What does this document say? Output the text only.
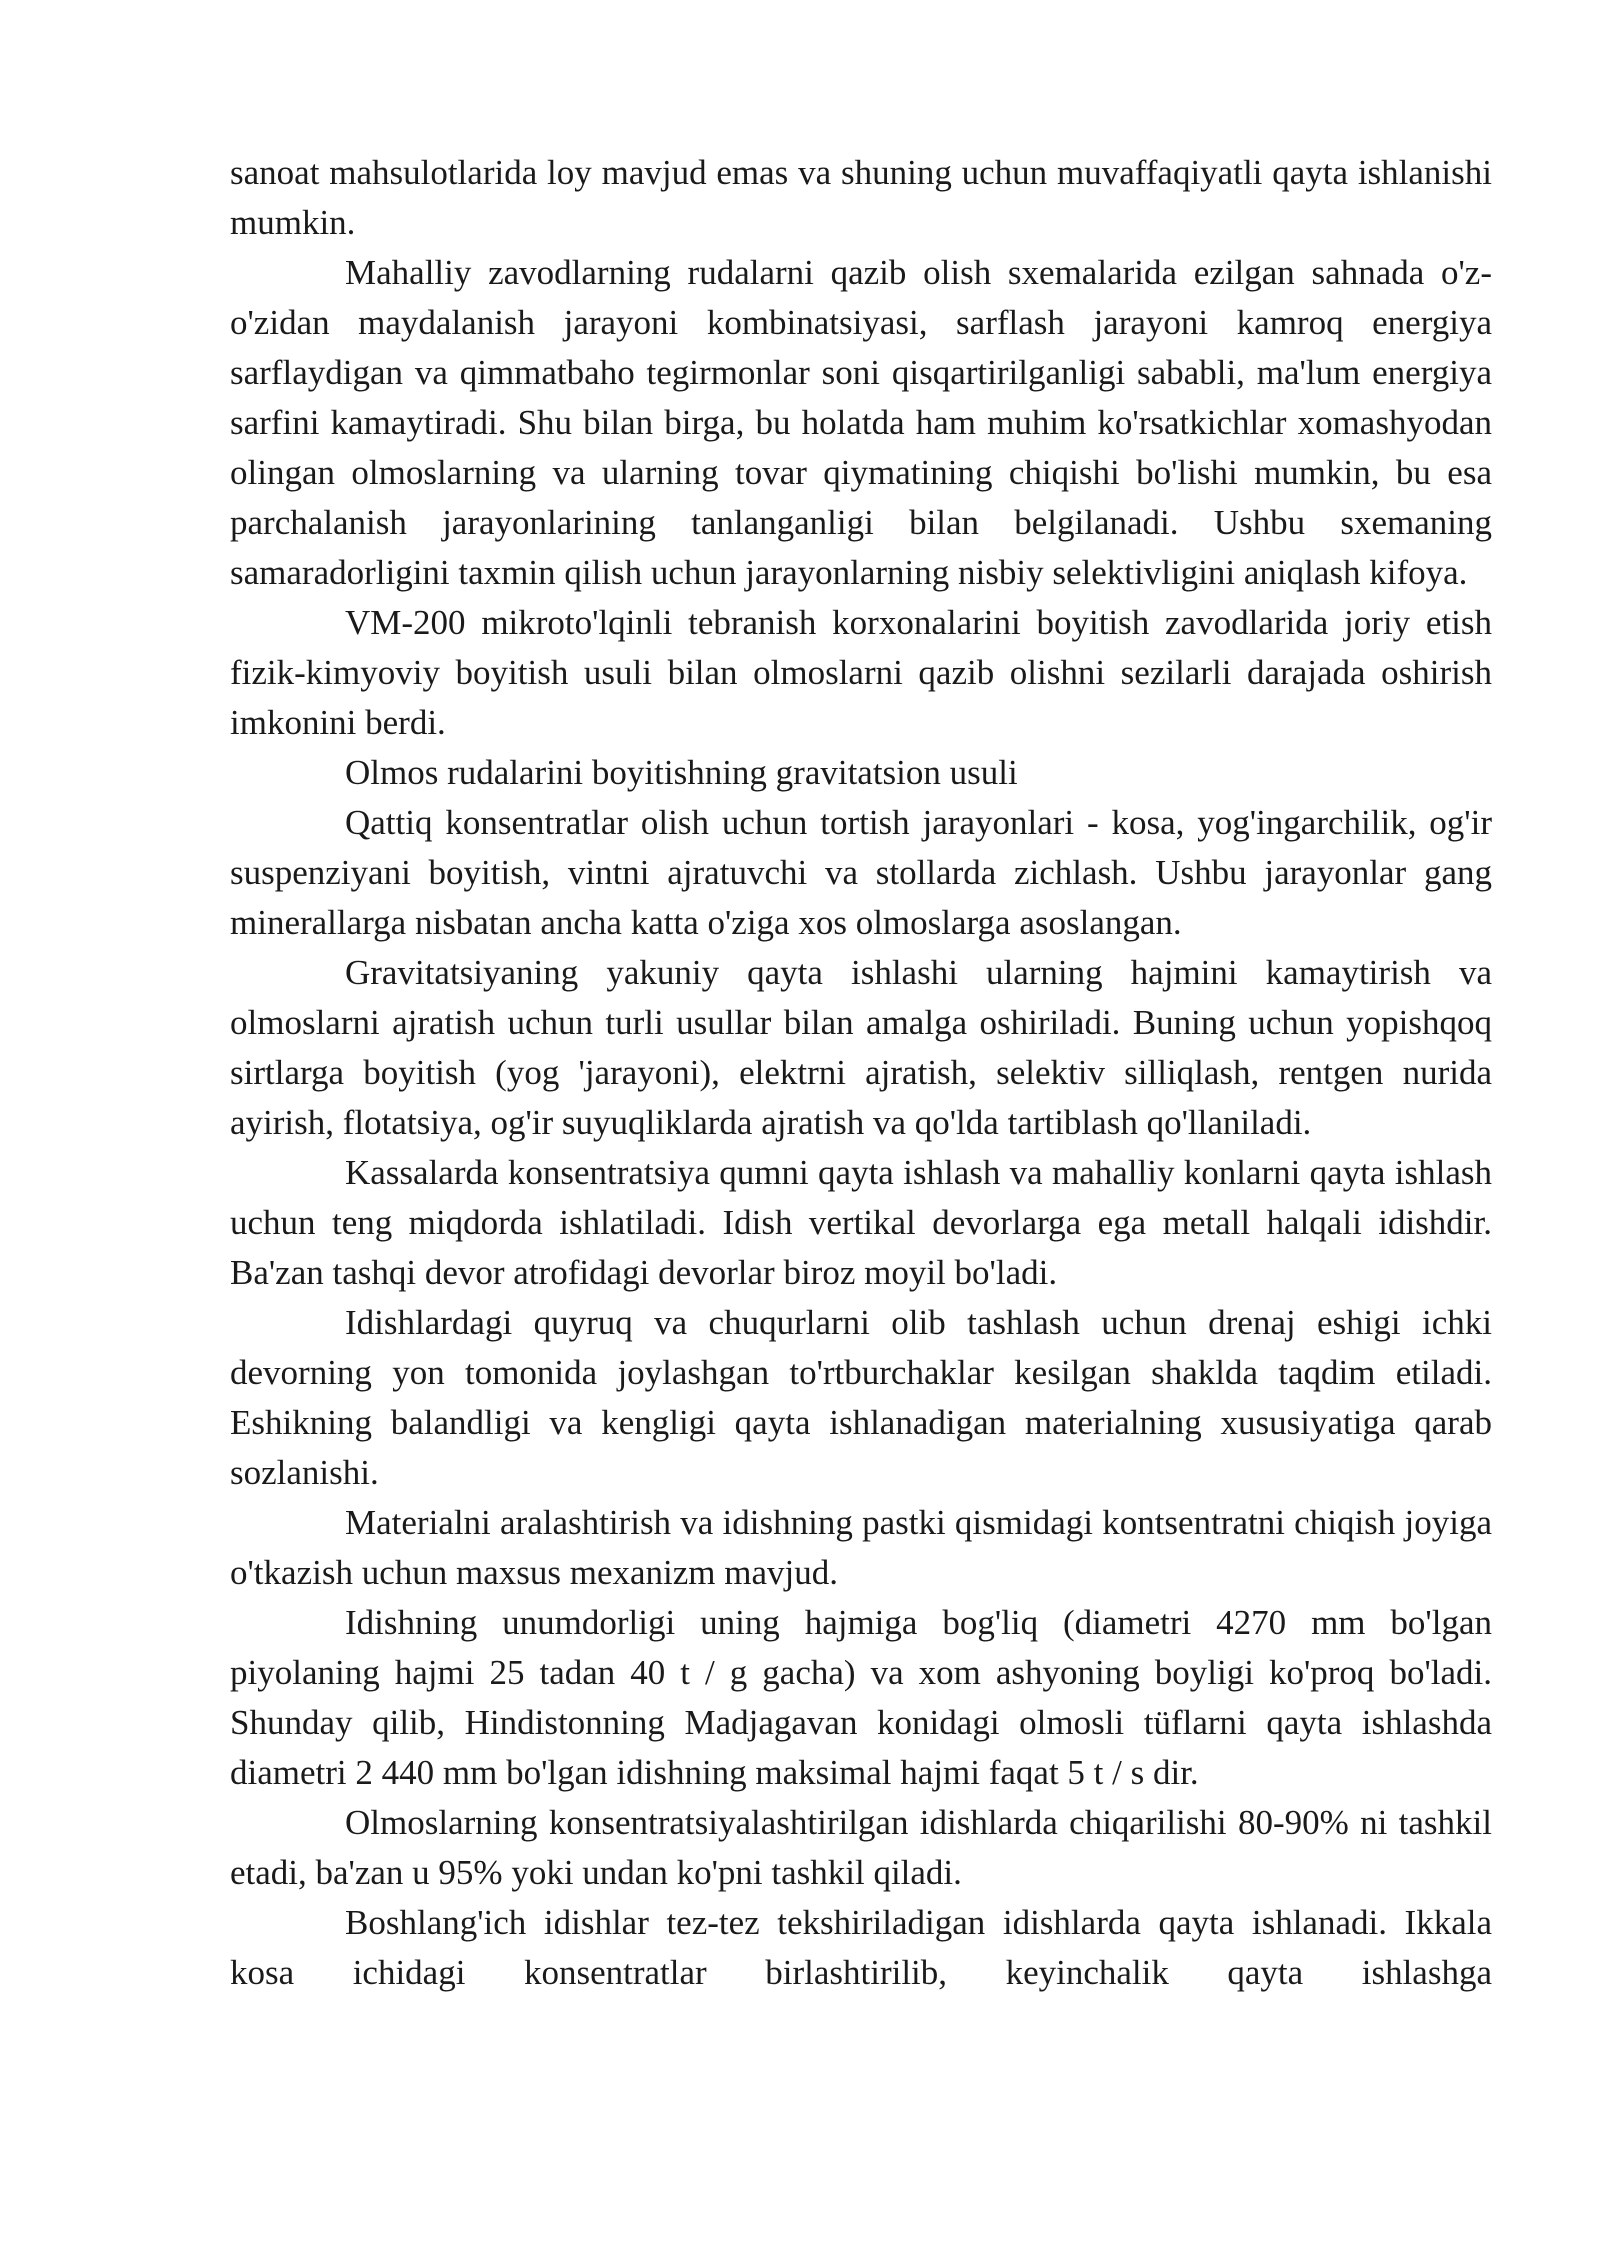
sanoat mahsulotlarida loy mavjud emas va shuning uchun muvaffaqiyatli qayta ishlanishi mumkin.

Mahalliy zavodlarning rudalarni qazib olish sxemalarida ezilgan sahnada o'z-o'zidan maydalanish jarayoni kombinatsiyasi, sarflash jarayoni kamroq energiya sarflaydigan va qimmatbaho tegirmonlar soni qisqartirilganligi sababli, ma'lum energiya sarfini kamaytiradi. Shu bilan birga, bu holatda ham muhim ko'rsatkichlar xomashyodan olingan olmoslarning va ularning tovar qiymatining chiqishi bo'lishi mumkin, bu esa parchalanish jarayonlarining tanlanganligi bilan belgilanadi. Ushbu sxemaning samaradorligini taxmin qilish uchun jarayonlarning nisbiy selektivligini aniqlash kifoya.

VM-200 mikroto'lqinli tebranish korxonalarini boyitish zavodlarida joriy etish fizik-kimyoviy boyitish usuli bilan olmoslarni qazib olishni sezilarli darajada oshirish imkonini berdi.

Olmos rudalarini boyitishning gravitatsion usuli

Qattiq konsentratlar olish uchun tortish jarayonlari - kosa, yog'ingarchilik, og'ir suspenziyani boyitish, vintni ajratuvchi va stollarda zichlash. Ushbu jarayonlar gang minerallarga nisbatan ancha katta o'ziga xos olmoslarga asoslangan.

Gravitatsiyaning yakuniy qayta ishlashi ularning hajmini kamaytirish va olmoslarni ajratish uchun turli usullar bilan amalga oshiriladi. Buning uchun yopishqoq sirtlarga boyitish (yog 'jarayoni), elektrni ajratish, selektiv silliqlash, rentgen nurida ayirish, flotatsiya, og'ir suyuqliklarda ajratish va qo'lda tartiblash qo'llaniladi.

Kassalarda konsentratsiya qumni qayta ishlash va mahalliy konlarni qayta ishlash uchun teng miqdorda ishlatiladi. Idish vertikal devorlarga ega metall halqali idishdir. Ba'zan tashqi devor atrofidagi devorlar biroz moyil bo'ladi.

Idishlardagi quyruq va chuqurlarni olib tashlash uchun drenaj eshigi ichki devorning yon tomonida joylashgan to'rtburchaklar kesilgan shaklda taqdim etiladi. Eshikning balandligi va kengligi qayta ishlanadigan materialning xususiyatiga qarab sozlanishi.

Materialni aralashtirish va idishning pastki qismidagi kontsentratni chiqish joyiga o'tkazish uchun maxsus mexanizm mavjud.

Idishning unumdorligi uning hajmiga bog'liq (diametri 4270 mm bo'lgan piyolaning hajmi 25 tadan 40 t / g gacha) va xom ashyoning boyligi ko'proq bo'ladi. Shunday qilib, Hindistonning Madjagavan konidagi olmosli tüflarni qayta ishlashda diametri 2 440 mm bo'lgan idishning maksimal hajmi faqat 5 t / s dir.

Olmoslarning konsentratsiyalashtirilgan idishlarda chiqarilishi 80-90% ni tashkil etadi, ba'zan u 95% yoki undan ko'pni tashkil qiladi.

Boshlang'ich idishlar tez-tez tekshiriladigan idishlarda qayta ishlanadi. Ikkala kosa ichidagi konsentratlar birlashtirilib, keyinchalik qayta ishlashga
